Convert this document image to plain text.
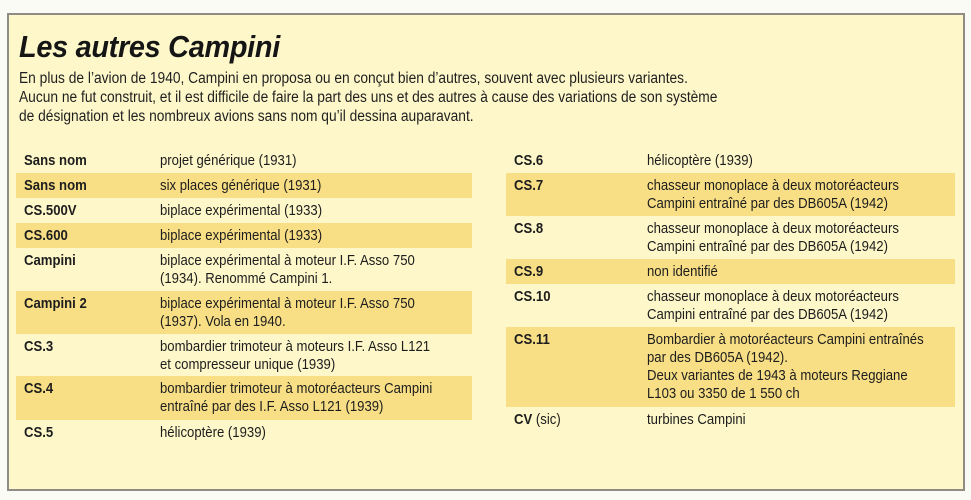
Les autres Campini
En plus de l’avion de 1940, Campini en proposa ou en conçut bien d’autres, souvent avec plusieurs variantes.
Aucun ne fut construit, et il est difficile de faire la part des uns et des autres à cause des variations de son système
de désignation et les nombreux avions sans nom qu’il dessina auparavant.
Sans nom	projet générique (1931)
Sans nom	six places générique (1931)
CS.500V	biplace expérimental (1933)
CS.600	biplace expérimental (1933)
Campini	biplace expérimental à moteur I.F. Asso 750
(1934). Renommé Campini 1.
Campini 2	biplace expérimental à moteur I.F. Asso 750
(1937). Vola en 1940.
CS.3	bombardier trimoteur à moteurs I.F. Asso L121
et compresseur unique (1939)
CS.4	bombardier trimoteur à motoréacteurs Campini
entraîné par des I.F. Asso L121 (1939)
CS.5	hélicoptère (1939)
CS.6	hélicoptère (1939)
CS.7	chasseur monoplace à deux motoréacteurs
Campini entraîné par des DB605A (1942)
CS.8	chasseur monoplace à deux motoréacteurs
Campini entraîné par des DB605A (1942)
CS.9	non identifié
CS.10	chasseur monoplace à deux motoréacteurs
Campini entraîné par des DB605A (1942)
CS.11	Bombardier à motoréacteurs Campini entraînés
par des DB605A (1942).
Deux variantes de 1943 à moteurs Reggiane
L103 ou 3350 de 1 550 ch
CV (sic)	turbines Campini
